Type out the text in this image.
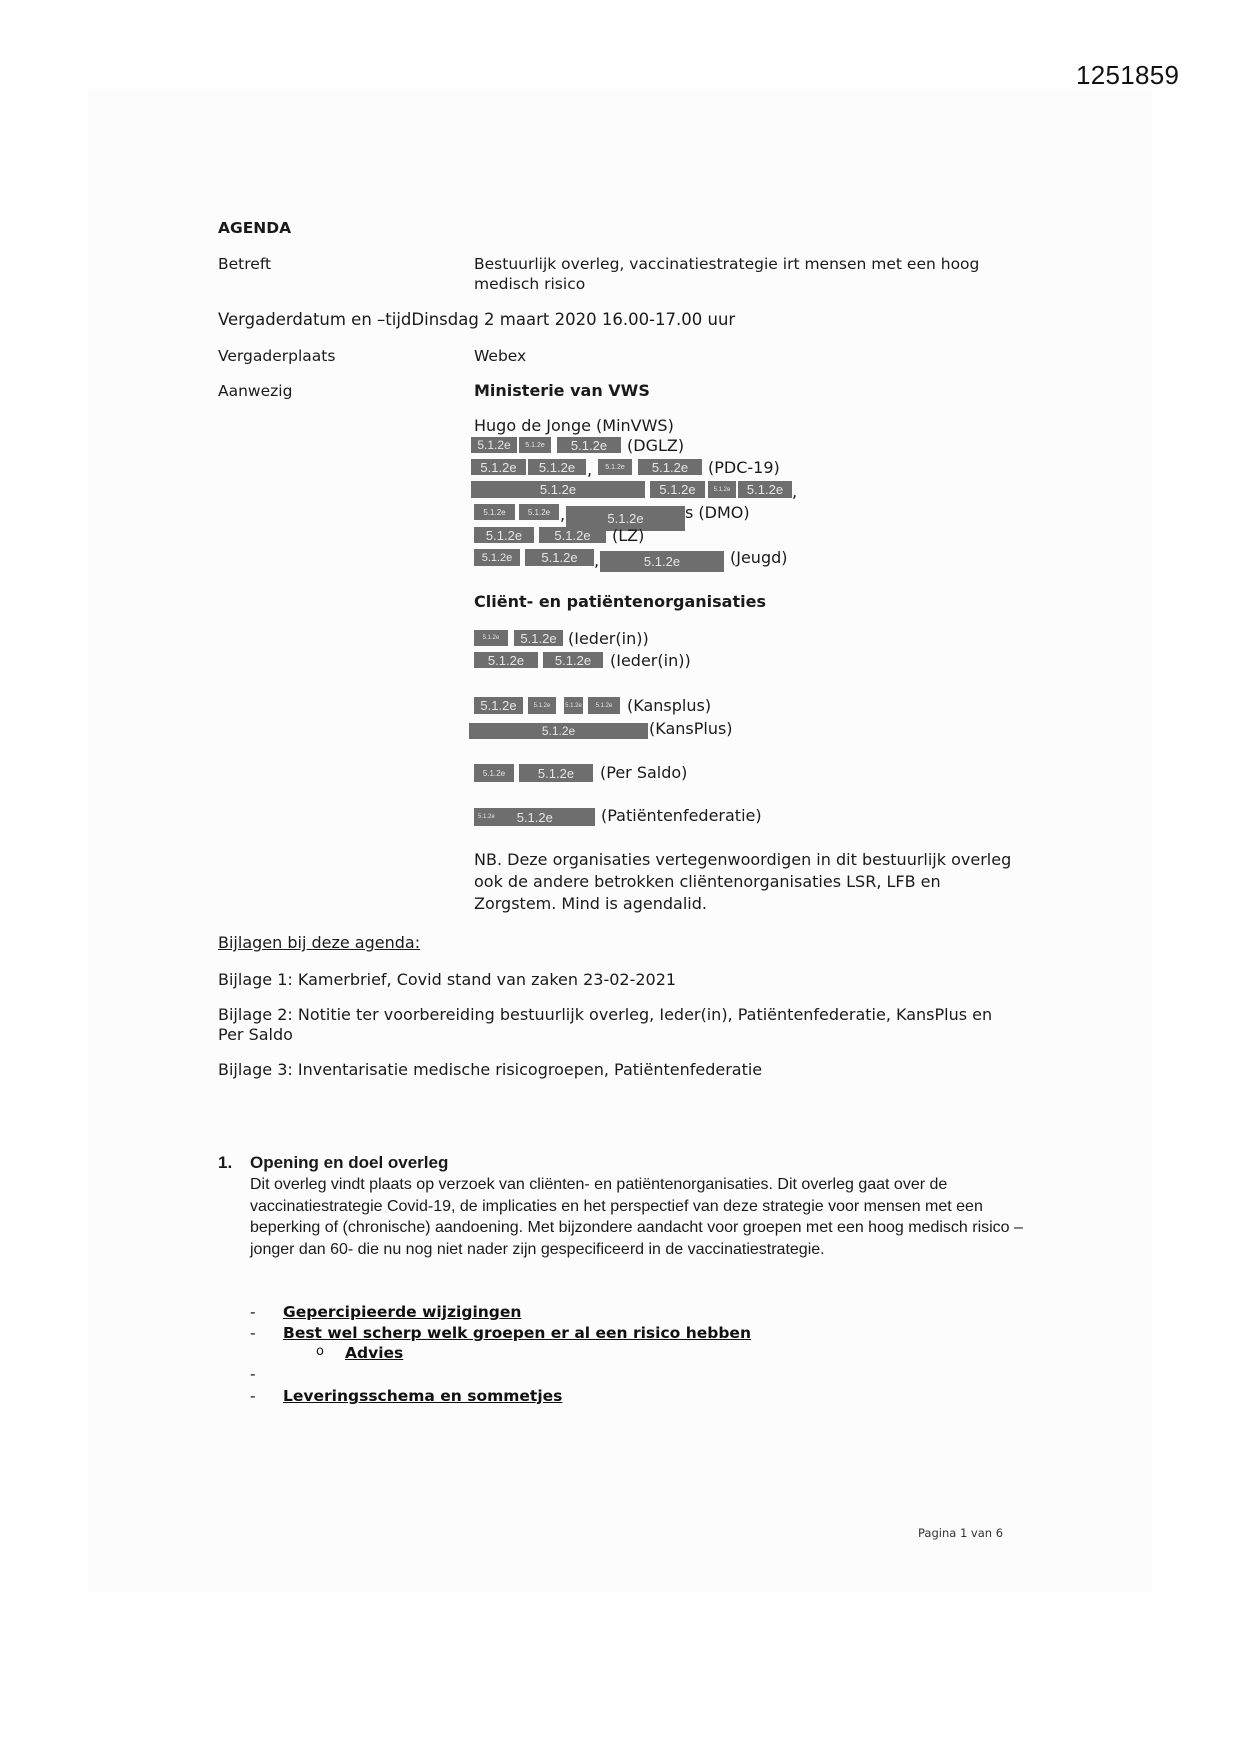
1251859
AGENDA
Betreft	Bestuurlijk overleg, vaccinatiestrategie irt mensen met een hoog
medisch risico
Vergaderdatum en –tijdDinsdag 2 maart 2020 16.00-17.00 uur
Vergaderplaats	Webex
Aanwezig	Ministerie van VWS
Hugo de Jonge (MinVWS)
5.1.2e	5.1.2e	5.1.2e	(DGLZ)
5.1.2e	5.1.2e ,	5.1.2e	5.1.2e	(PDC-19)
5.1.2e	5.1.2e	5.1.2e	5.1.2e ,
5.1.2e	5.1.2e ,	5.1.2e	s (DMO)
5.1.2e	5.1.2e	(LZ)
5.1.2e	5.1.2e	,	5.1.2e	(Jeugd)
Cliënt- en patiëntenorganisaties
5.1.2e	5.1.2e (Ieder(in))
5.1.2e	5.1.2e	(Ieder(in))
5.1.2e	5.1.2e	5.1.2e	5.1.2e (Kansplus)
5.1.2e	(KansPlus)
5.1.2e	5.1.2e	(Per Saldo)
5.1.2e 5.1.2e	(Patiëntenfederatie)
NB. Deze organisaties vertegenwoordigen in dit bestuurlijk overleg
ook de andere betrokken cliëntenorganisaties LSR, LFB en
Zorgstem. Mind is agendalid.
Bijlagen bij deze agenda:
Bijlage 1: Kamerbrief, Covid stand van zaken 23-02-2021
Bijlage 2: Notitie ter voorbereiding bestuurlijk overleg, Ieder(in), Patiëntenfederatie, KansPlus en
Per Saldo
Bijlage 3: Inventarisatie medische risicogroepen, Patiëntenfederatie
1. Opening en doel overleg
Dit overleg vindt plaats op verzoek van cliënten- en patiëntenorganisaties. Dit overleg gaat over de vaccinatiestrategie Covid-19, de implicaties en het perspectief van deze strategie voor mensen met een beperking of (chronische) aandoening. Met bijzondere aandacht voor groepen met een hoog medisch risico –jonger dan 60- die nu nog niet nader zijn gespecificeerd in de vaccinatiestrategie.
- Gepercipieerde wijzigingen
- Best wel scherp welk groepen er al een risico hebben
o Advies
-
- Leveringsschema en sommetjes
Pagina 1 van 6
